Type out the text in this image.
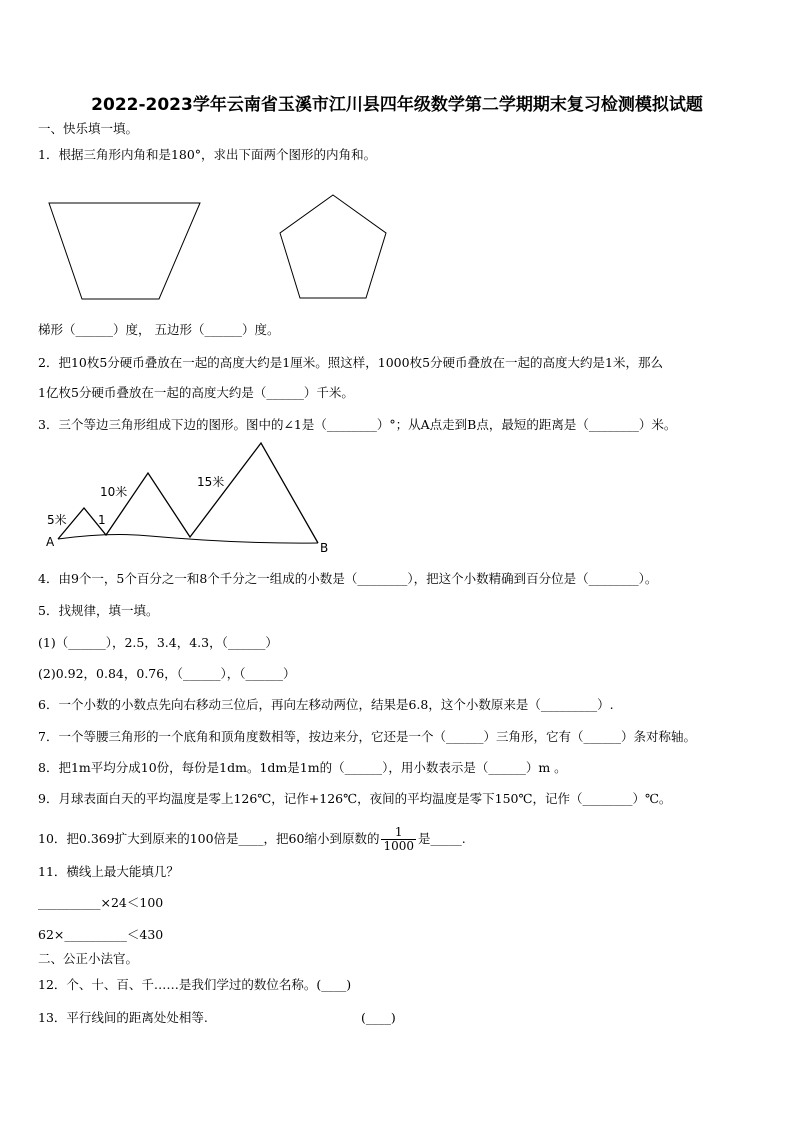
2022-2023学年云南省玉溪市江川县四年级数学第二学期期末复习检测模拟试题
一、快乐填一填。
1．根据三角形内角和是180°，求出下面两个图形的内角和。
梯形（______）度， 五边形（______）度。
2．把10枚5分硬币叠放在一起的高度大约是1厘米。照这样，1000枚5分硬币叠放在一起的高度大约是1米，那么
1亿枚5分硬币叠放在一起的高度大约是（______）千米。
3．三个等边三角形组成下边的图形。图中的∠1是（________）°；从A点走到B点，最短的距离是（________）米。
5米
10米
15米
1
A	B
4．由9个一，5个百分之一和8个千分之一组成的小数是（________），把这个小数精确到百分位是（________）。
5．找规律，填一填。
(1)（______），2.5，3.4，4.3，（______）
(2)0.92，0.84，0.76，（______），（______）
6．一个小数的小数点先向右移动三位后，再向左移动两位，结果是6.8，这个小数原来是（_________）.
7．一个等腰三角形的一个底角和顶角度数相等，按边来分，它还是一个（______）三角形，它有（______）条对称轴。
8．把1m平均分成10份，每份是1dm。1dm是1m的（______），用小数表示是（______）m 。
9．月球表面白天的平均温度是零上126℃，记作+126℃，夜间的平均温度是零下150℃，记作（________）℃。
10．把0.369扩大到原来的100倍是____，把60缩小到原数的 $\frac{1}{1000}$ 是_____.
11．横线上最大能填几？
__________×24＜100
62×__________＜430
二、公正小法官。
12．个、十、百、千……是我们学过的数位名称。(____)
13．平行线间的距离处处相等.	(____)
